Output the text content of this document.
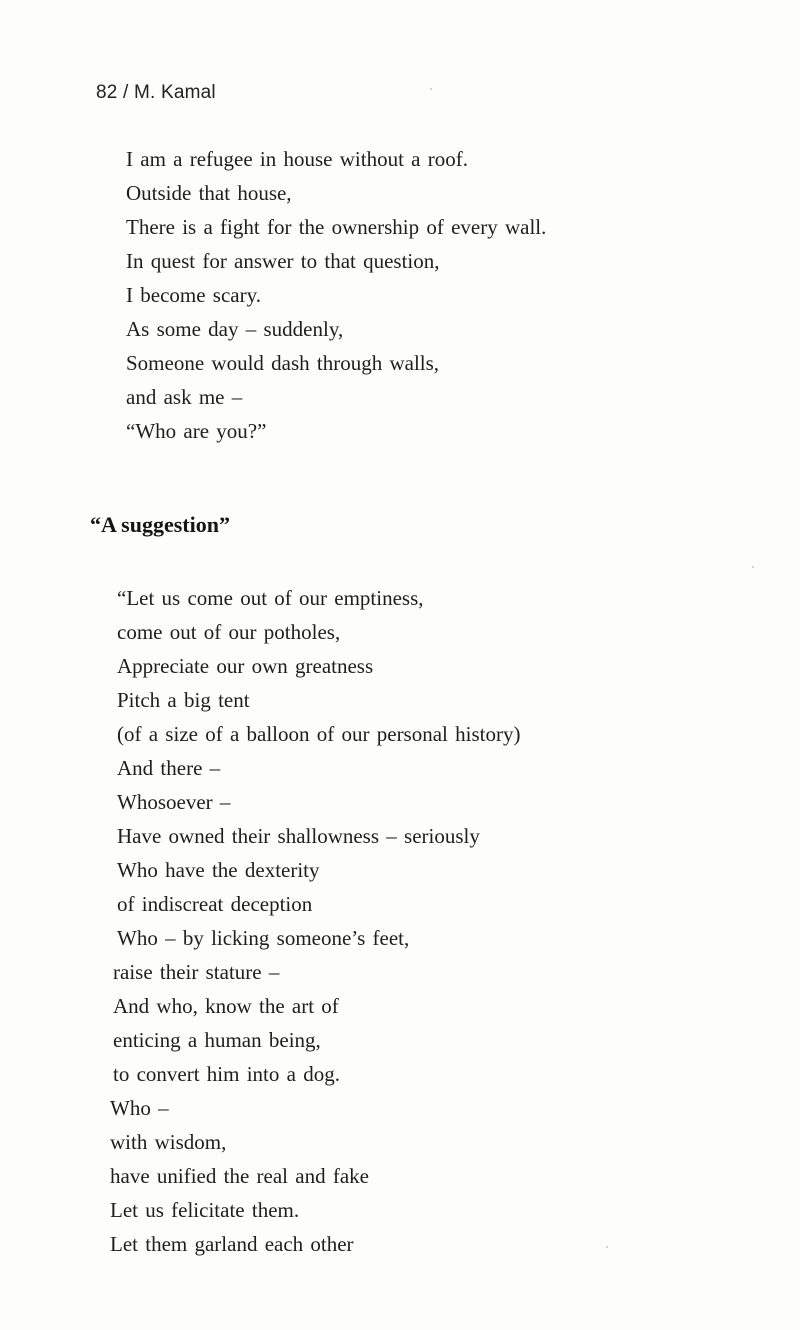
82 / M. Kamal
I am a refugee in house without a roof.
Outside that house,
There is a fight for the ownership of every wall.
In quest for answer to that question,
I become scary.
As some day – suddenly,
Someone would dash through walls,
and ask me –
“Who are you?”
“A suggestion”
“Let us come out of our emptiness,
come out of our potholes,
Appreciate our own greatness
Pitch a big tent
(of a size of a balloon of our personal history)
And there –
Whosoever –
Have owned their shallowness – seriously
Who have the dexterity
of indiscreat deception
Who – by licking someone’s feet,
raise their stature –
And who, know the art of
enticing a human being,
to convert him into a dog.
Who –
with wisdom,
have unified the real and fake
Let us felicitate them.
Let them garland each other
